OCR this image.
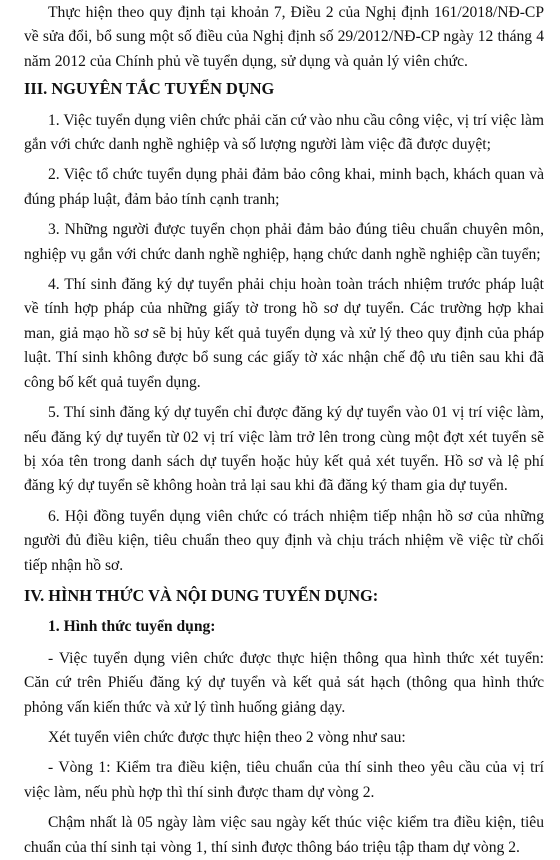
Thực hiện theo quy định tại khoản 7, Điều 2 của Nghị định 161/2018/NĐ-CP về sửa đổi, bổ sung một số điều của Nghị định số 29/2012/NĐ-CP ngày 12 tháng 4 năm 2012 của Chính phủ về tuyển dụng, sử dụng và quản lý viên chức.

III. NGUYÊN TẮC TUYỂN DỤNG

1. Việc tuyển dụng viên chức phải căn cứ vào nhu cầu công việc, vị trí việc làm gắn với chức danh nghề nghiệp và số lượng người làm việc đã được duyệt;

2. Việc tổ chức tuyển dụng phải đảm bảo công khai, minh bạch, khách quan và đúng pháp luật, đảm bảo tính cạnh tranh;

3. Những người được tuyển chọn phải đảm bảo đúng tiêu chuẩn chuyên môn, nghiệp vụ gắn với chức danh nghề nghiệp, hạng chức danh nghề nghiệp cần tuyển;

4. Thí sinh đăng ký dự tuyển phải chịu hoàn toàn trách nhiệm trước pháp luật về tính hợp pháp của những giấy tờ trong hồ sơ dự tuyển. Các trường hợp khai man, giả mạo hồ sơ sẽ bị hủy kết quả tuyển dụng và xử lý theo quy định của pháp luật. Thí sinh không được bổ sung các giấy tờ xác nhận chế độ ưu tiên sau khi đã công bố kết quả tuyển dụng.

5. Thí sinh đăng ký dự tuyển chỉ được đăng ký dự tuyển vào 01 vị trí việc làm, nếu đăng ký dự tuyển từ 02 vị trí việc làm trở lên trong cùng một đợt xét tuyển sẽ bị xóa tên trong danh sách dự tuyển hoặc hủy kết quả xét tuyển. Hồ sơ và lệ phí đăng ký dự tuyển sẽ không hoàn trả lại sau khi đã đăng ký tham gia dự tuyển.

6. Hội đồng tuyển dụng viên chức có trách nhiệm tiếp nhận hồ sơ của những người đủ điều kiện, tiêu chuẩn theo quy định và chịu trách nhiệm về việc từ chối tiếp nhận hồ sơ.

IV. HÌNH THỨC VÀ NỘI DUNG TUYỂN DỤNG:

1. Hình thức tuyển dụng:

- Việc tuyển dụng viên chức được thực hiện thông qua hình thức xét tuyển: Căn cứ trên Phiếu đăng ký dự tuyển và kết quả sát hạch (thông qua hình thức phỏng vấn kiến thức và xử lý tình huống giảng dạy.

Xét tuyển viên chức được thực hiện theo 2 vòng như sau:

- Vòng 1: Kiểm tra điều kiện, tiêu chuẩn của thí sinh theo yêu cầu của vị trí việc làm, nếu phù hợp thì thí sinh được tham dự vòng 2.

Chậm nhất là 05 ngày làm việc sau ngày kết thúc việc kiểm tra điều kiện, tiêu chuẩn của thí sinh tại vòng 1, thí sinh được thông báo triệu tập tham dự vòng 2.
